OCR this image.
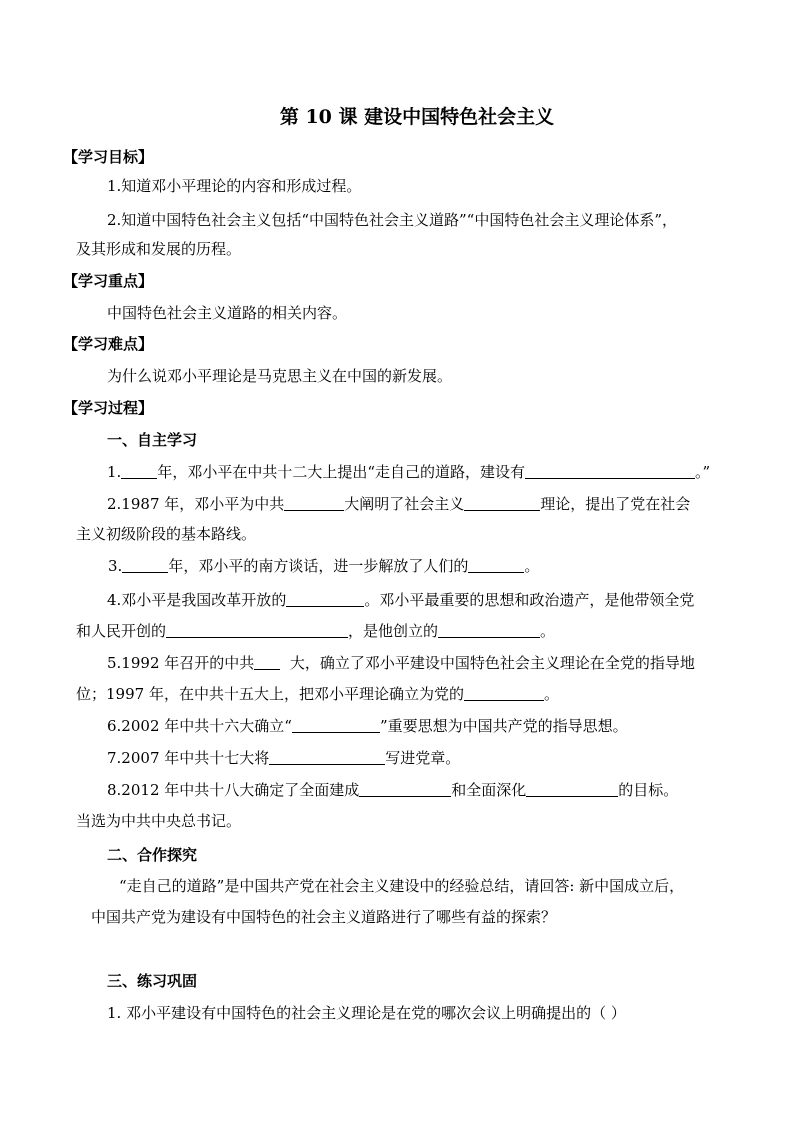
第 10 课 建设中国特色社会主义
【学习目标】
1.知道邓小平理论的内容和形成过程。
2.知道中国特色社会主义包括“中国特色社会主义道路”“中国特色社会主义理论体系”，
及其形成和发展的历程。
【学习重点】
中国特色社会主义道路的相关内容。
【学习难点】
为什么说邓小平理论是马克思主义在中国的新发展。
【学习过程】
一、自主学习
1. 年，邓小平在中共十二大上提出“走自己的道路，建设有	。”
2.1987 年，邓小平为中共	大阐明了社会主义	理论，提出了党在社会
主义初级阶段的基本路线。
3.	年，邓小平的南方谈话，进一步解放了人们的	。
4.邓小平是我国改革开放的	。邓小平最重要的思想和政治遗产，是他带领全党
和人民开创的	，是他创立的	。
5.1992 年召开的中共 大，确立了邓小平建设中国特色社会主义理论在全党的指导地
位；1997 年，在中共十五大上，把邓小平理论确立为党的	。
6.2002 年中共十六大确立“	”重要思想为中国共产党的指导思想。
7.2007 年中共十七大将	写进党章。
8.2012 年中共十八大确定了全面建成	和全面深化	的目标。
当选为中共中央总书记。
二、合作探究
“走自己的道路”是中国共产党在社会主义建设中的经验总结，请回答: 新中国成立后，
中国共产党为建设有中国特色的社会主义道路进行了哪些有益的探索？
三、练习巩固
1. 邓小平建设有中国特色的社会主义理论是在党的哪次会议上明确提出的（ ）
